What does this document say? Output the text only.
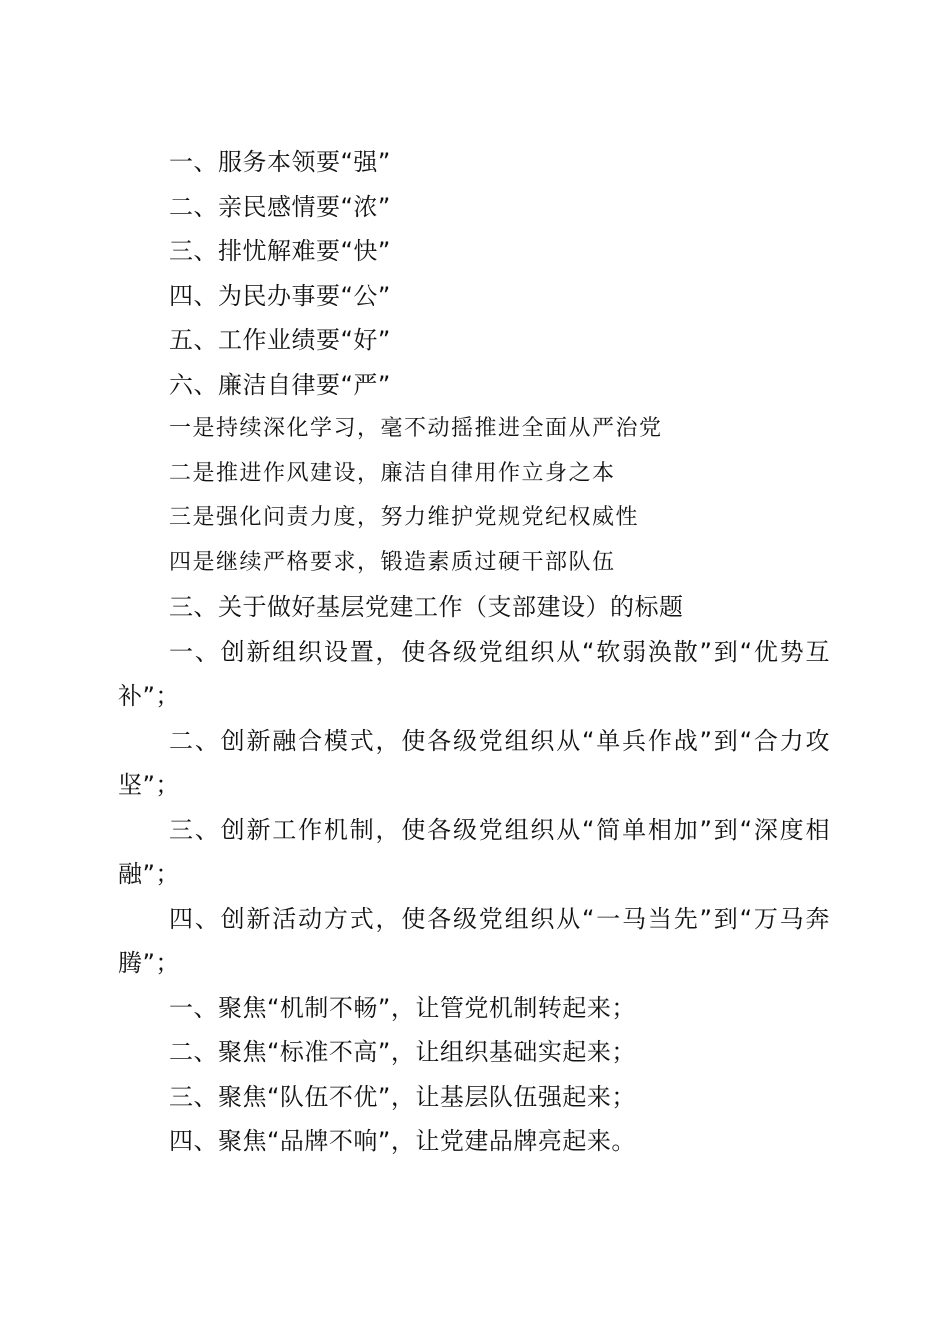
一、服务本领要“强”
二、亲民感情要“浓”
三、排忧解难要“快”
四、为民办事要“公”
五、工作业绩要“好”
六、廉洁自律要“严”
一是持续深化学习，毫不动摇推进全面从严治党
二是推进作风建设，廉洁自律用作立身之本
三是强化问责力度，努力维护党规党纪权威性
四是继续严格要求，锻造素质过硬干部队伍
三、关于做好基层党建工作（支部建设）的标题
一、创新组织设置，使各级党组织从“软弱涣散”到“优势互补”；
二、创新融合模式，使各级党组织从“单兵作战”到“合力攻坚”；
三、创新工作机制，使各级党组织从“简单相加”到“深度相融”；
四、创新活动方式，使各级党组织从“一马当先”到“万马奔腾”；
一、聚焦“机制不畅”，让管党机制转起来；
二、聚焦“标准不高”，让组织基础实起来；
三、聚焦“队伍不优”，让基层队伍强起来；
四、聚焦“品牌不响”，让党建品牌亮起来。
